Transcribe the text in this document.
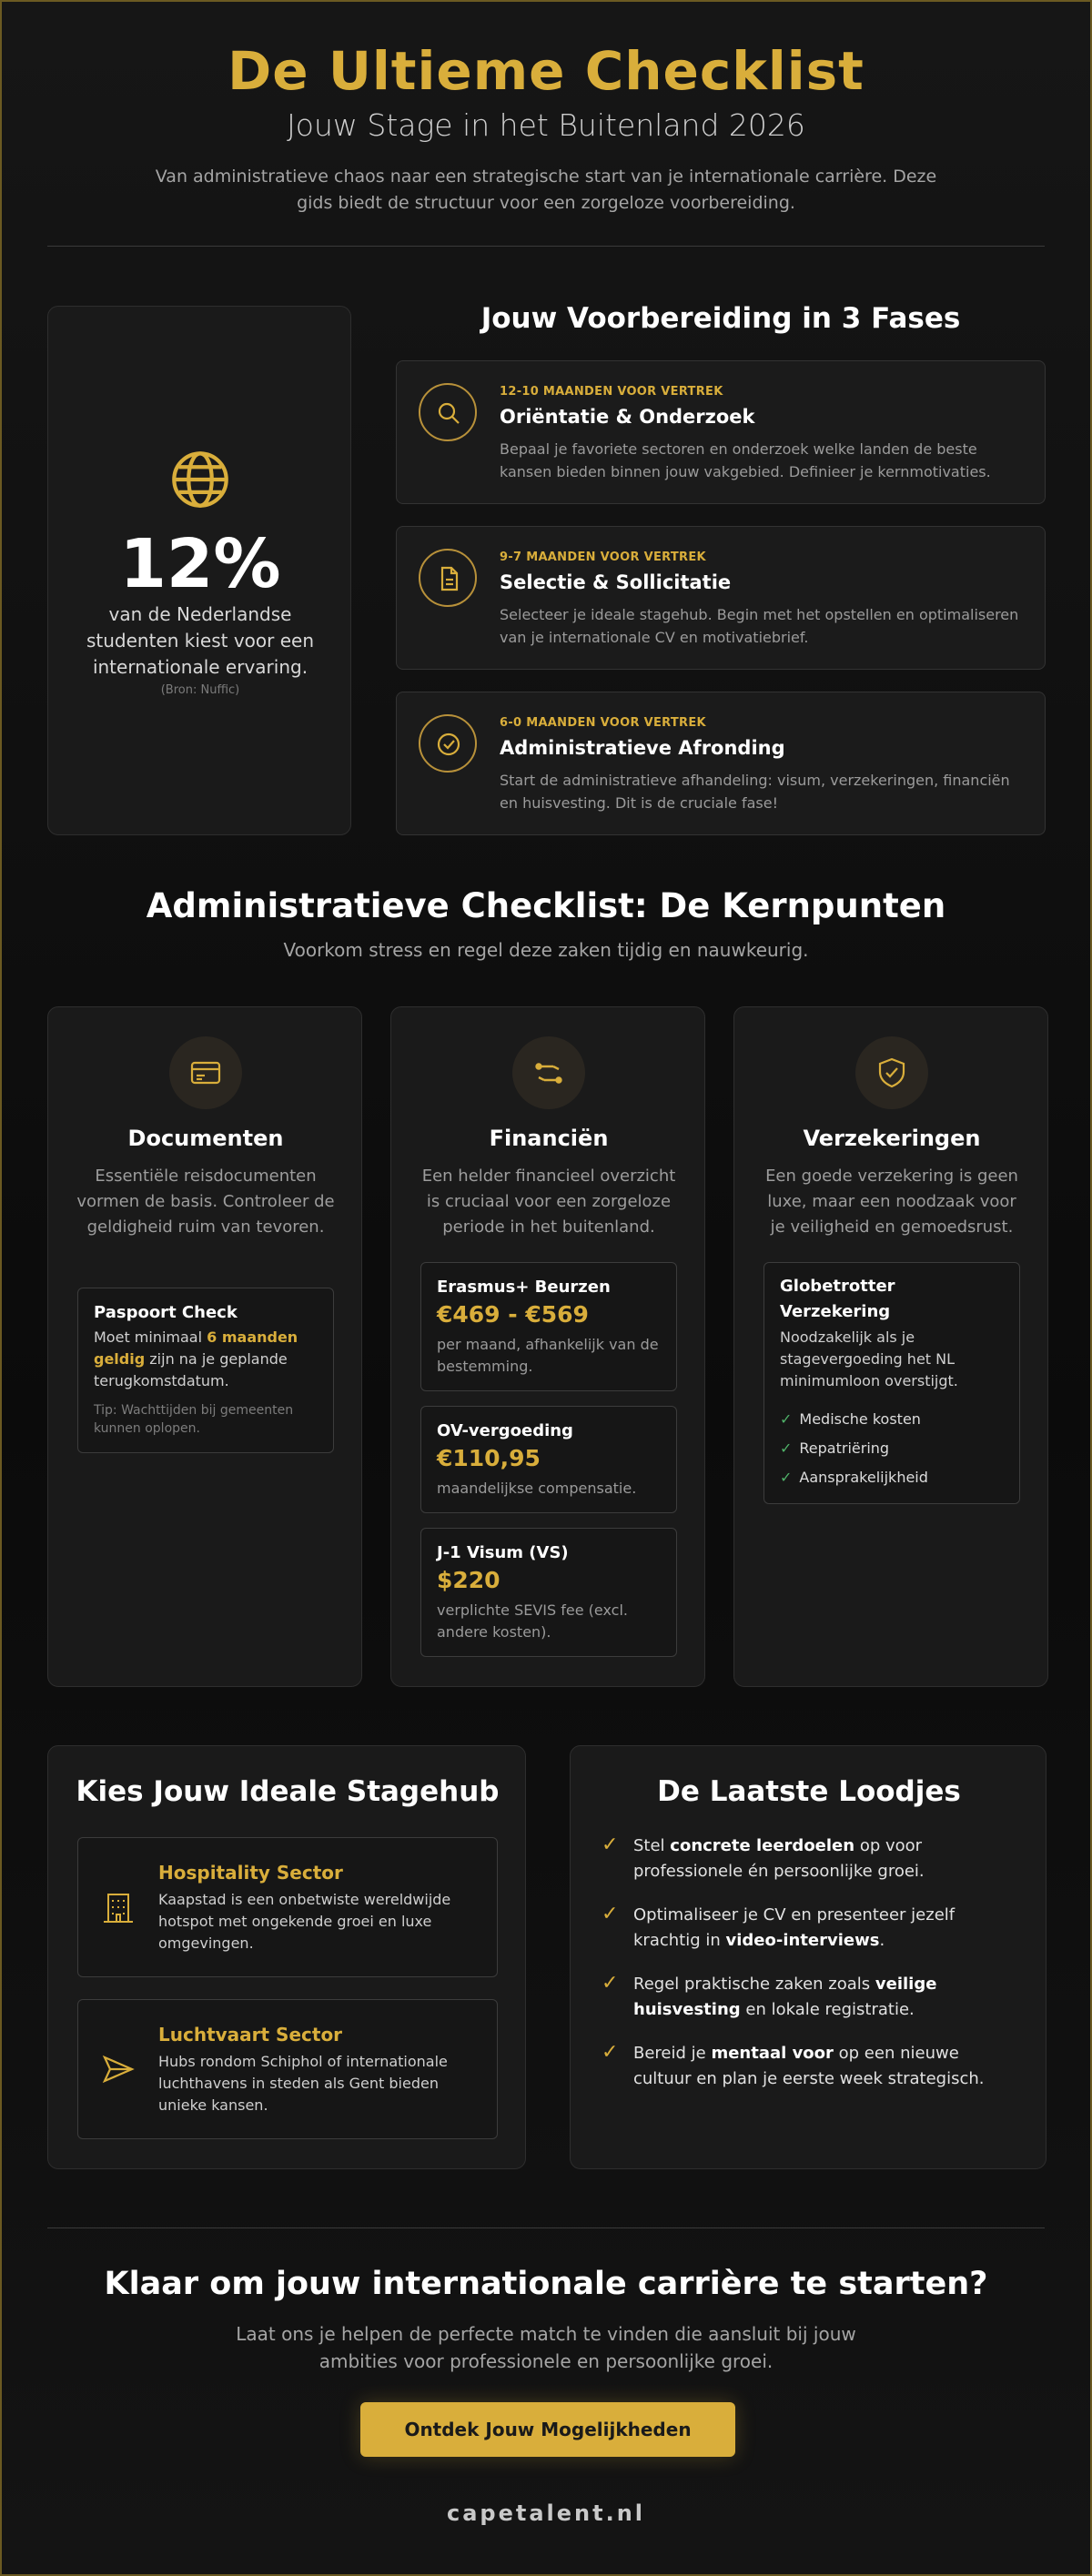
De Ultieme Checklist
Jouw Stage in het Buitenland 2026
Van administratieve chaos naar een strategische start van je internationale carrière. Deze gids biedt de structuur voor een zorgeloze voorbereiding.
12%
van de Nederlandse studenten kiest voor een internationale ervaring.
(Bron: Nuffic)
Jouw Voorbereiding in 3 Fases
12-10 MAANDEN VOOR VERTREK
Oriëntatie & Onderzoek
Bepaal je favoriete sectoren en onderzoek welke landen de beste kansen bieden binnen jouw vakgebied. Definieer je kernmotivaties.
9-7 MAANDEN VOOR VERTREK
Selectie & Sollicitatie
Selecteer je ideale stagehub. Begin met het opstellen en optimaliseren van je internationale CV en motivatiebrief.
6-0 MAANDEN VOOR VERTREK
Administratieve Afronding
Start de administratieve afhandeling: visum, verzekeringen, financiën en huisvesting. Dit is de cruciale fase!
Administratieve Checklist: De Kernpunten
Voorkom stress en regel deze zaken tijdig en nauwkeurig.
Documenten
Essentiële reisdocumenten vormen de basis. Controleer de geldigheid ruim van tevoren.
Paspoort Check
Moet minimaal 6 maanden geldig zijn na je geplande terugkomstdatum.
Tip: Wachttijden bij gemeenten kunnen oplopen.
Financiën
Een helder financieel overzicht is cruciaal voor een zorgeloze periode in het buitenland.
Erasmus+ Beurzen
€469 - €569
per maand, afhankelijk van de bestemming.
OV-vergoeding
€110,95
maandelijkse compensatie.
J-1 Visum (VS)
$220
verplichte SEVIS fee (excl. andere kosten).
Verzekeringen
Een goede verzekering is geen luxe, maar een noodzaak voor je veiligheid en gemoedsrust.
Globetrotter Verzekering
Noodzakelijk als je stagevergoeding het NL minimumloon overstijgt.
✓ Medische kosten
✓ Repatriëring
✓ Aansprakelijkheid
Kies Jouw Ideale Stagehub
Hospitality Sector
Kaapstad is een onbetwiste wereldwijde hotspot met ongekende groei en luxe omgevingen.
Luchtvaart Sector
Hubs rondom Schiphol of internationale luchthavens in steden als Gent bieden unieke kansen.
De Laatste Loodjes
✓ Stel concrete leerdoelen op voor professionele én persoonlijke groei.
✓ Optimaliseer je CV en presenteer jezelf krachtig in video-interviews.
✓ Regel praktische zaken zoals veilige huisvesting en lokale registratie.
✓ Bereid je mentaal voor op een nieuwe cultuur en plan je eerste week strategisch.
Klaar om jouw internationale carrière te starten?
Laat ons je helpen de perfecte match te vinden die aansluit bij jouw ambities voor professionele en persoonlijke groei.
Ontdek Jouw Mogelijkheden
capetalent.nl
